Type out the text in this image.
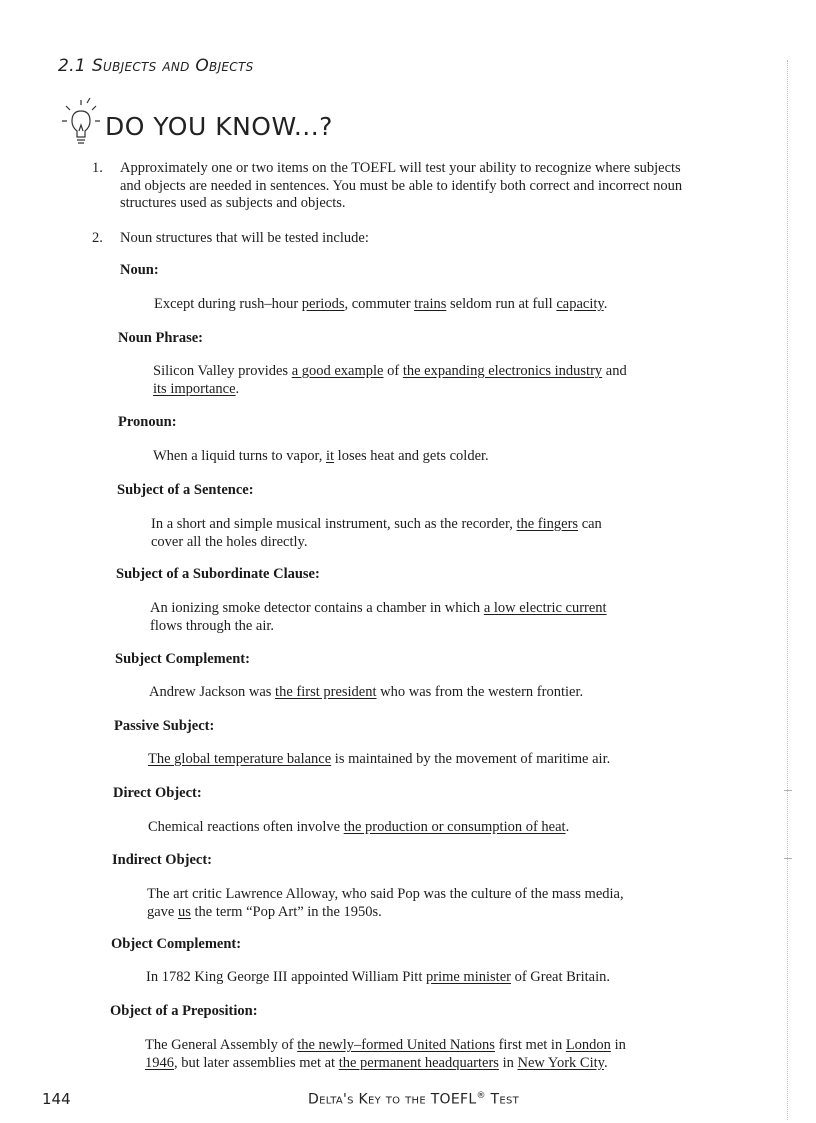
2.1 Subjects and Objects
DO YOU KNOW...?
1. Approximately one or two items on the TOEFL will test your ability to recognize where subjects
and objects are needed in sentences. You must be able to identify both correct and incorrect noun
structures used as subjects and objects.
2. Noun structures that will be tested include:
Noun:
Except during rush–hour periods, commuter trains seldom run at full capacity.
Noun Phrase:
Silicon Valley provides a good example of the expanding electronics industry and
its importance.
Pronoun:
When a liquid turns to vapor, it loses heat and gets colder.
Subject of a Sentence:
In a short and simple musical instrument, such as the recorder, the fingers can
cover all the holes directly.
Subject of a Subordinate Clause:
An ionizing smoke detector contains a chamber in which a low electric current
flows through the air.
Subject Complement:
Andrew Jackson was the first president who was from the western frontier.
Passive Subject:
The global temperature balance is maintained by the movement of maritime air.
Direct Object:
Chemical reactions often involve the production or consumption of heat.
Indirect Object:
The art critic Lawrence Alloway, who said Pop was the culture of the mass media,
gave us the term “Pop Art” in the 1950s.
Object Complement:
In 1782 King George III appointed William Pitt prime minister of Great Britain.
Object of a Preposition:
The General Assembly of the newly–formed United Nations first met in London in
1946, but later assemblies met at the permanent headquarters in New York City.
144	Delta's Key to the TOEFL® Test
